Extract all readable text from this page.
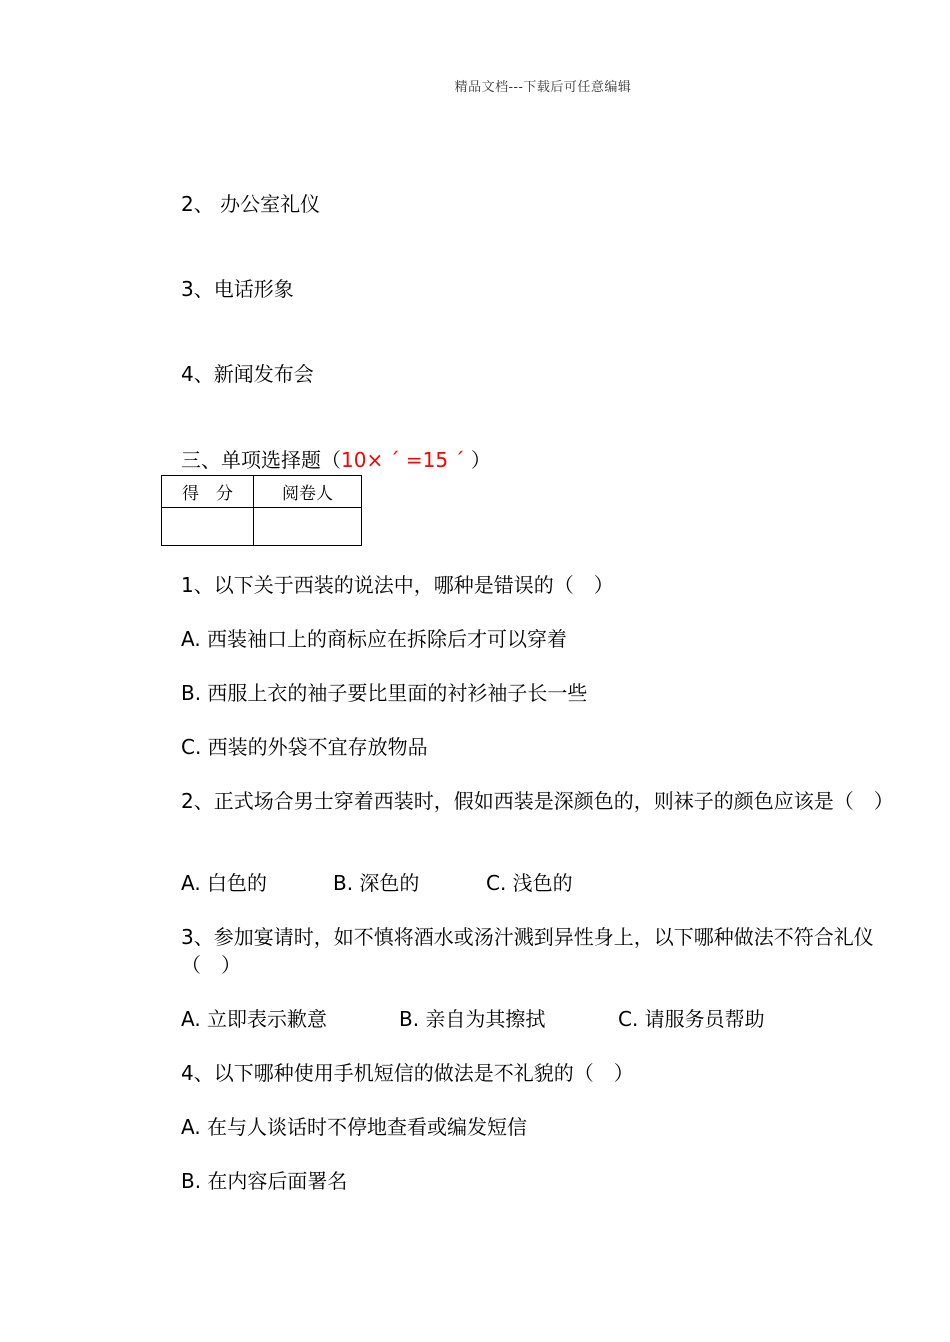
精品文档---下载后可任意编辑
2、 办公室礼仪
3、电话形象
4、新闻发布会
三、单项选择题（10× ´ =15 ´ ）
得　分	阅卷人

1、以下关于西装的说法中，哪种是错误的（　）
A. 西装袖口上的商标应在拆除后才可以穿着
B. 西服上衣的袖子要比里面的衬衫袖子长一些
C. 西装的外袋不宜存放物品
2、正式场合男士穿着西装时，假如西装是深颜色的，则袜子的颜色应该是（　）
A. 白色的	B. 深色的	C. 浅色的
3、参加宴请时，如不慎将酒水或汤汁溅到异性身上，以下哪种做法不符合礼仪（　）
A. 立即表示歉意	B. 亲自为其擦拭	C. 请服务员帮助
4、以下哪种使用手机短信的做法是不礼貌的（　）
A. 在与人谈话时不停地查看或编发短信
B. 在内容后面署名
